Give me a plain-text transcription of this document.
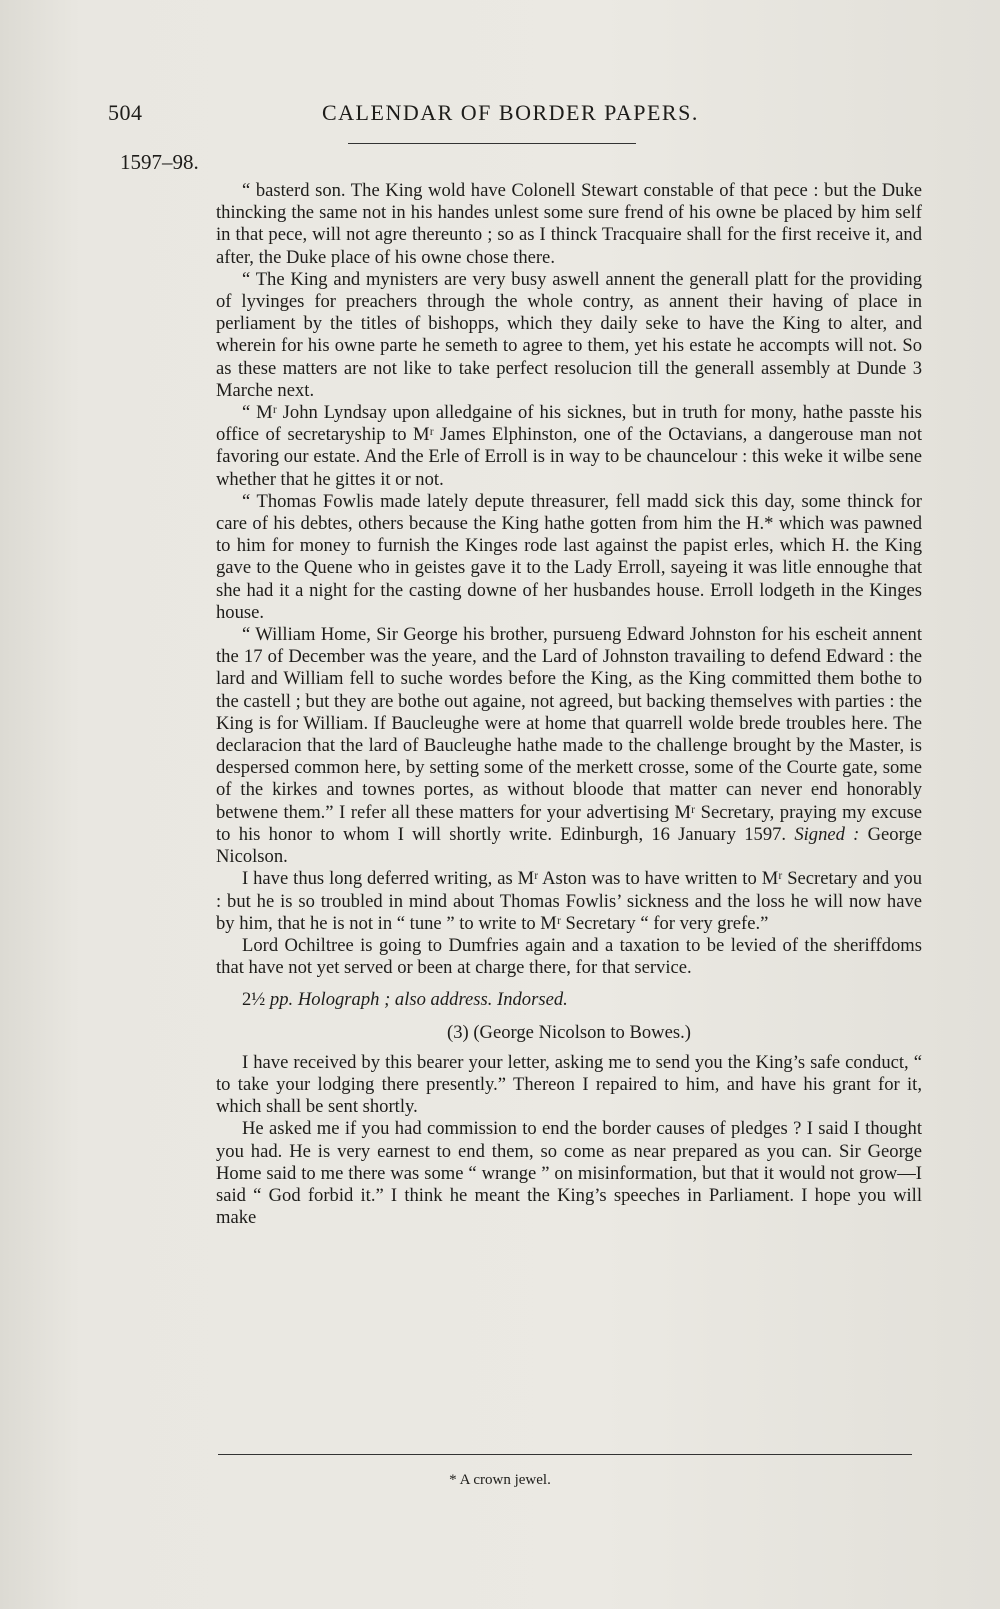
504	CALENDAR OF BORDER PAPERS.
1597–98.

“ basterd son. The King wold have Colonell Stewart constable of that pece : but the Duke thincking the same not in his handes unlest some sure frend of his owne be placed by him self in that pece, will not agre thereunto ; so as I thinck Tracquaire shall for the first receive it, and after, the Duke place of his owne chose there.

“ The King and mynisters are very busy aswell annent the generall platt for the providing of lyvinges for preachers through the whole contry, as annent their having of place in perliament by the titles of bishopps, which they daily seke to have the King to alter, and wherein for his owne parte he semeth to agree to them, yet his estate he accompts will not. So as these matters are not like to take perfect resolucion till the generall assembly at Dunde 3 Marche next.

“ Mʳ John Lyndsay upon alledgaine of his sicknes, but in truth for mony, hathe passte his office of secretaryship to Mʳ James Elphinston, one of the Octavians, a dangerouse man not favoring our estate. And the Erle of Erroll is in way to be chauncelour : this weke it wilbe sene whether that he gittes it or not.

“ Thomas Fowlis made lately depute threasurer, fell madd sick this day, some thinck for care of his debtes, others because the King hathe gotten from him the H.* which was pawned to him for money to furnish the Kinges rode last against the papist erles, which H. the King gave to the Quene who in geistes gave it to the Lady Erroll, sayeing it was litle ennoughe that she had it a night for the casting downe of her husbandes house. Erroll lodgeth in the Kinges house.

“ William Home, Sir George his brother, pursueng Edward Johnston for his escheit annent the 17 of December was the yeare, and the Lard of Johnston travailing to defend Edward : the lard and William fell to suche wordes before the King, as the King committed them bothe to the castell ; but they are bothe out againe, not agreed, but backing themselves with parties : the King is for William. If Baucleughe were at home that quarrell wolde brede troubles here. The declaracion that the lard of Baucleughe hathe made to the challenge brought by the Master, is despersed common here, by setting some of the merkett crosse, some of the Courte gate, some of the kirkes and townes portes, as without bloode that matter can never end honorably betwene them.” I refer all these matters for your advertising Mʳ Secretary, praying my excuse to his honor to whom I will shortly write. Edinburgh, 16 January 1597. Signed : George Nicolson.

I have thus long deferred writing, as Mʳ Aston was to have written to Mʳ Secretary and you : but he is so troubled in mind about Thomas Fowlis’ sickness and the loss he will now have by him, that he is not in “ tune ” to write to Mʳ Secretary “ for very grefe.”

Lord Ochiltree is going to Dumfries again and a taxation to be levied of the sheriffdoms that have not yet served or been at charge there, for that service.

2½ pp. Holograph ; also address. Indorsed.

(3) (George Nicolson to Bowes.)

I have received by this bearer your letter, asking me to send you the King’s safe conduct, “ to take your lodging there presently.” Thereon I repaired to him, and have his grant for it, which shall be sent shortly.

He asked me if you had commission to end the border causes of pledges ? I said I thought you had. He is very earnest to end them, so come as near prepared as you can. Sir George Home said to me there was some “ wrange ” on misinformation, but that it would not grow—I said “ God forbid it.” I think he meant the King’s speeches in Parliament. I hope you will make

* A crown jewel.
